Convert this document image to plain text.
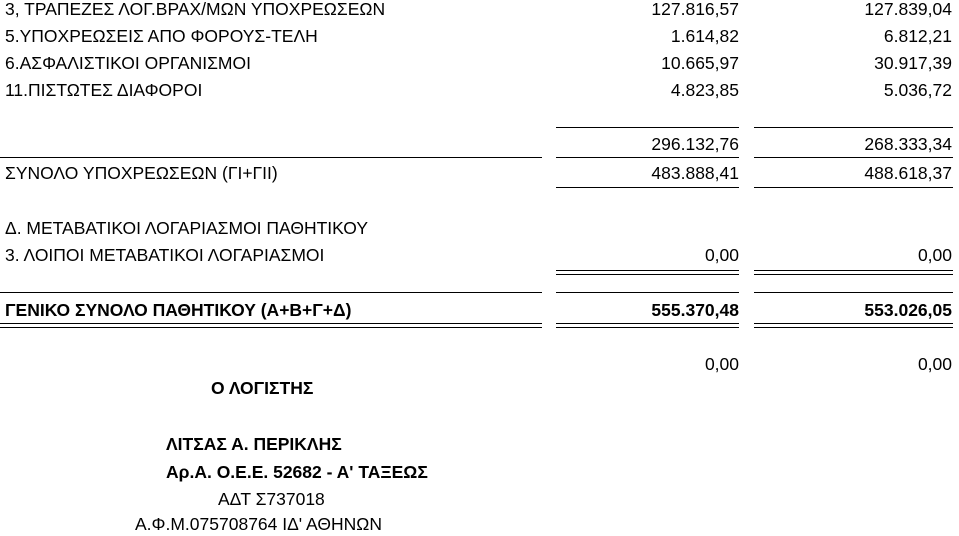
3, ΤΡΑΠΕΖΕΣ ΛΟΓ.ΒΡΑΧ/ΜΩΝ ΥΠΟΧΡΕΩΣΕΩΝ	127.816,57	127.839,04
5.ΥΠΟΧΡΕΩΣΕΙΣ ΑΠΟ ΦΟΡΟΥΣ-ΤΕΛΗ	1.614,82	6.812,21
6.ΑΣΦΑΛΙΣΤΙΚΟΙ ΟΡΓΑΝΙΣΜΟΙ	10.665,97	30.917,39
11.ΠΙΣΤΩΤΕΣ ΔΙΑΦΟΡΟΙ	4.823,85	5.036,72
296.132,76	268.333,34
ΣΥΝΟΛΟ ΥΠΟΧΡΕΩΣΕΩΝ (ΓΙ+ΓΙΙ)	483.888,41	488.618,37
Δ. ΜΕΤΑΒΑΤΙΚΟΙ ΛΟΓΑΡΙΑΣΜΟΙ ΠΑΘΗΤΙΚΟΥ
3. ΛΟΙΠΟΙ ΜΕΤΑΒΑΤΙΚΟΙ ΛΟΓΑΡΙΑΣΜΟΙ	0,00	0,00
ΓΕΝΙΚΟ ΣΥΝΟΛΟ ΠΑΘΗΤΙΚΟΥ (Α+Β+Γ+Δ)	555.370,48	553.026,05
0,00	0,00
Ο ΛΟΓΙΣΤΗΣ
ΛΙΤΣΑΣ Α. ΠΕΡΙΚΛΗΣ
Αρ.Α. Ο.Ε.Ε. 52682 - Α' ΤΑΞΕΩΣ
ΑΔΤ Σ737018
Α.Φ.Μ.075708764 ΙΔ' ΑΘΗΝΩΝ
